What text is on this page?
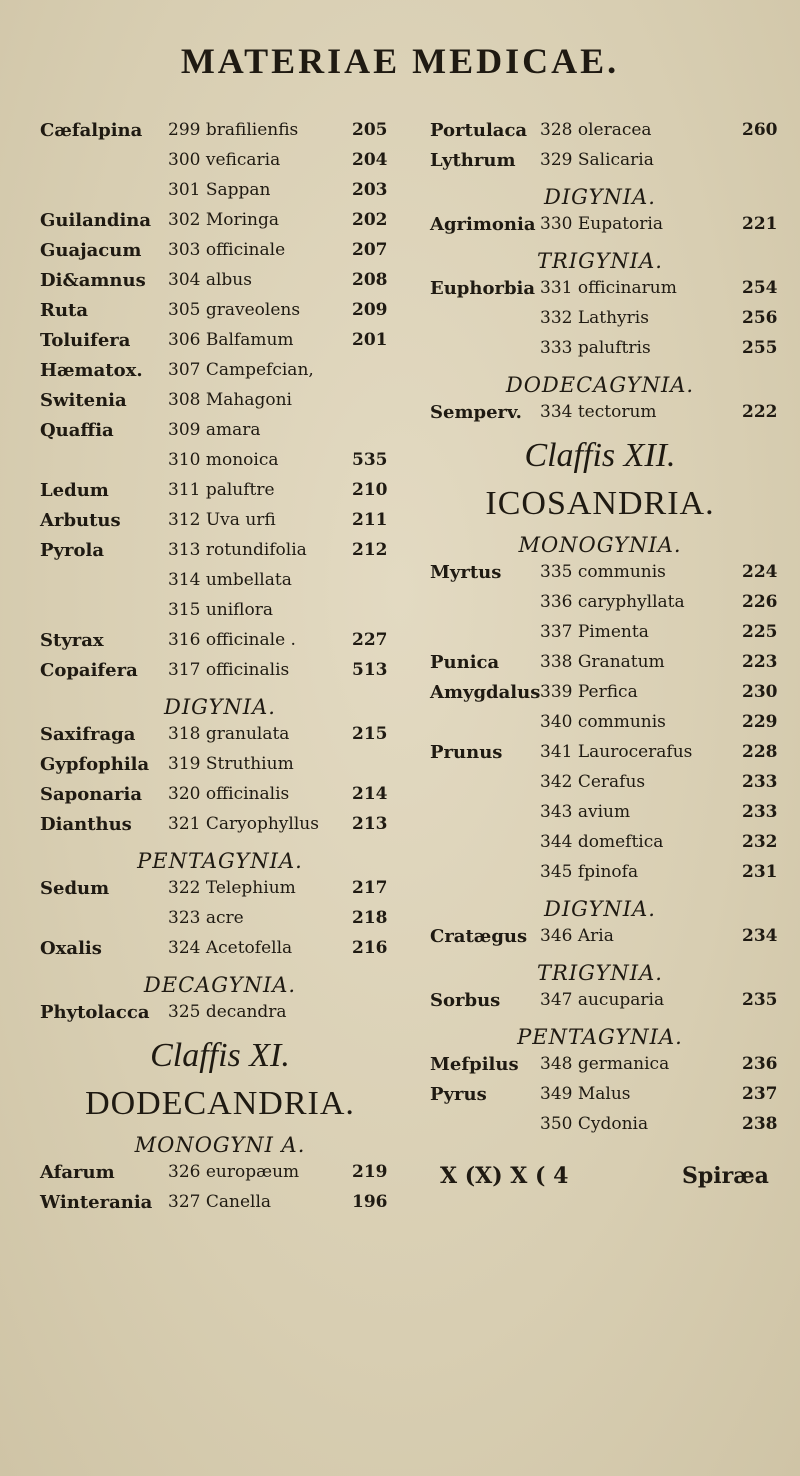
MATERIAE MEDICAE.
Cæfalpina 299 brafilienfis	205
300 veficaria	204
301 Sappan	203
Guilandina 302 Moringa	202
Guajacum 303 officinale	207
Di&amnus 304 albus	208
Ruta	305 graveolens	209
Toluifera 306 Balfamum	201
Hæmatox. 307 Campefcian,
Switenia 308 Mahagoni
Quaffia	309 amara
310 monoica	535
Ledum	311 paluftre	210
Arbutus	312 Uva urfi	211
Pyrola	313 rotundifolia	212
314 umbellata
315 uniflora
Styrax	316 officinale .	227
Copaifera 317 officinalis	513
DIGYNIA.
Saxifraga 318 granulata	215
Gypfophila 319 Struthium
Saponaria 320 officinalis	214
Dianthus 321 Caryophyllus 213
PENTAGYNIA.
Sedum	322 Telephium	217
323 acre	218
Oxalis	324 Acetofella	216
DECAGYNIA.
Phytolacca 325 decandra
Claffis XI.
DODECANDRIA.
MONOGYNI A.
Afarum	326 europæum	219
Winterania 327 Canella	196
Portulaca 328 oleracea	260
Lythrum 329 Salicaria
DIGYNIA.
Agrimonia 330 Eupatoria	221
TRIGYNIA.
Euphorbia 331 officinarum	254
332 Lathyris	256
333 paluftris	255
DODECAGYNIA.
Semperv. 334 tectorum	222
Claffis XII.
ICOSANDRIA.
MONOGYNIA.
Myrtus 335 communis	224
336 caryphyllata	226
337 Pimenta	225
Punica 338 Granatum	223
Amygdalus 339 Perfica	230
340 communis	229
Prunus 341 Laurocerafus	228
342 Cerafus	233
343 avium	233
344 domeftica	232
345 fpinofa	231
DIGYNIA.
Cratægus 346 Aria	234
TRIGYNIA.
Sorbus 347 aucuparia	235
PENTAGYNIA.
Mefpilus 348 germanica	236
Pyrus	349 Malus	237
350 Cydonia	238
X (X) X ( 4	Spiræa
